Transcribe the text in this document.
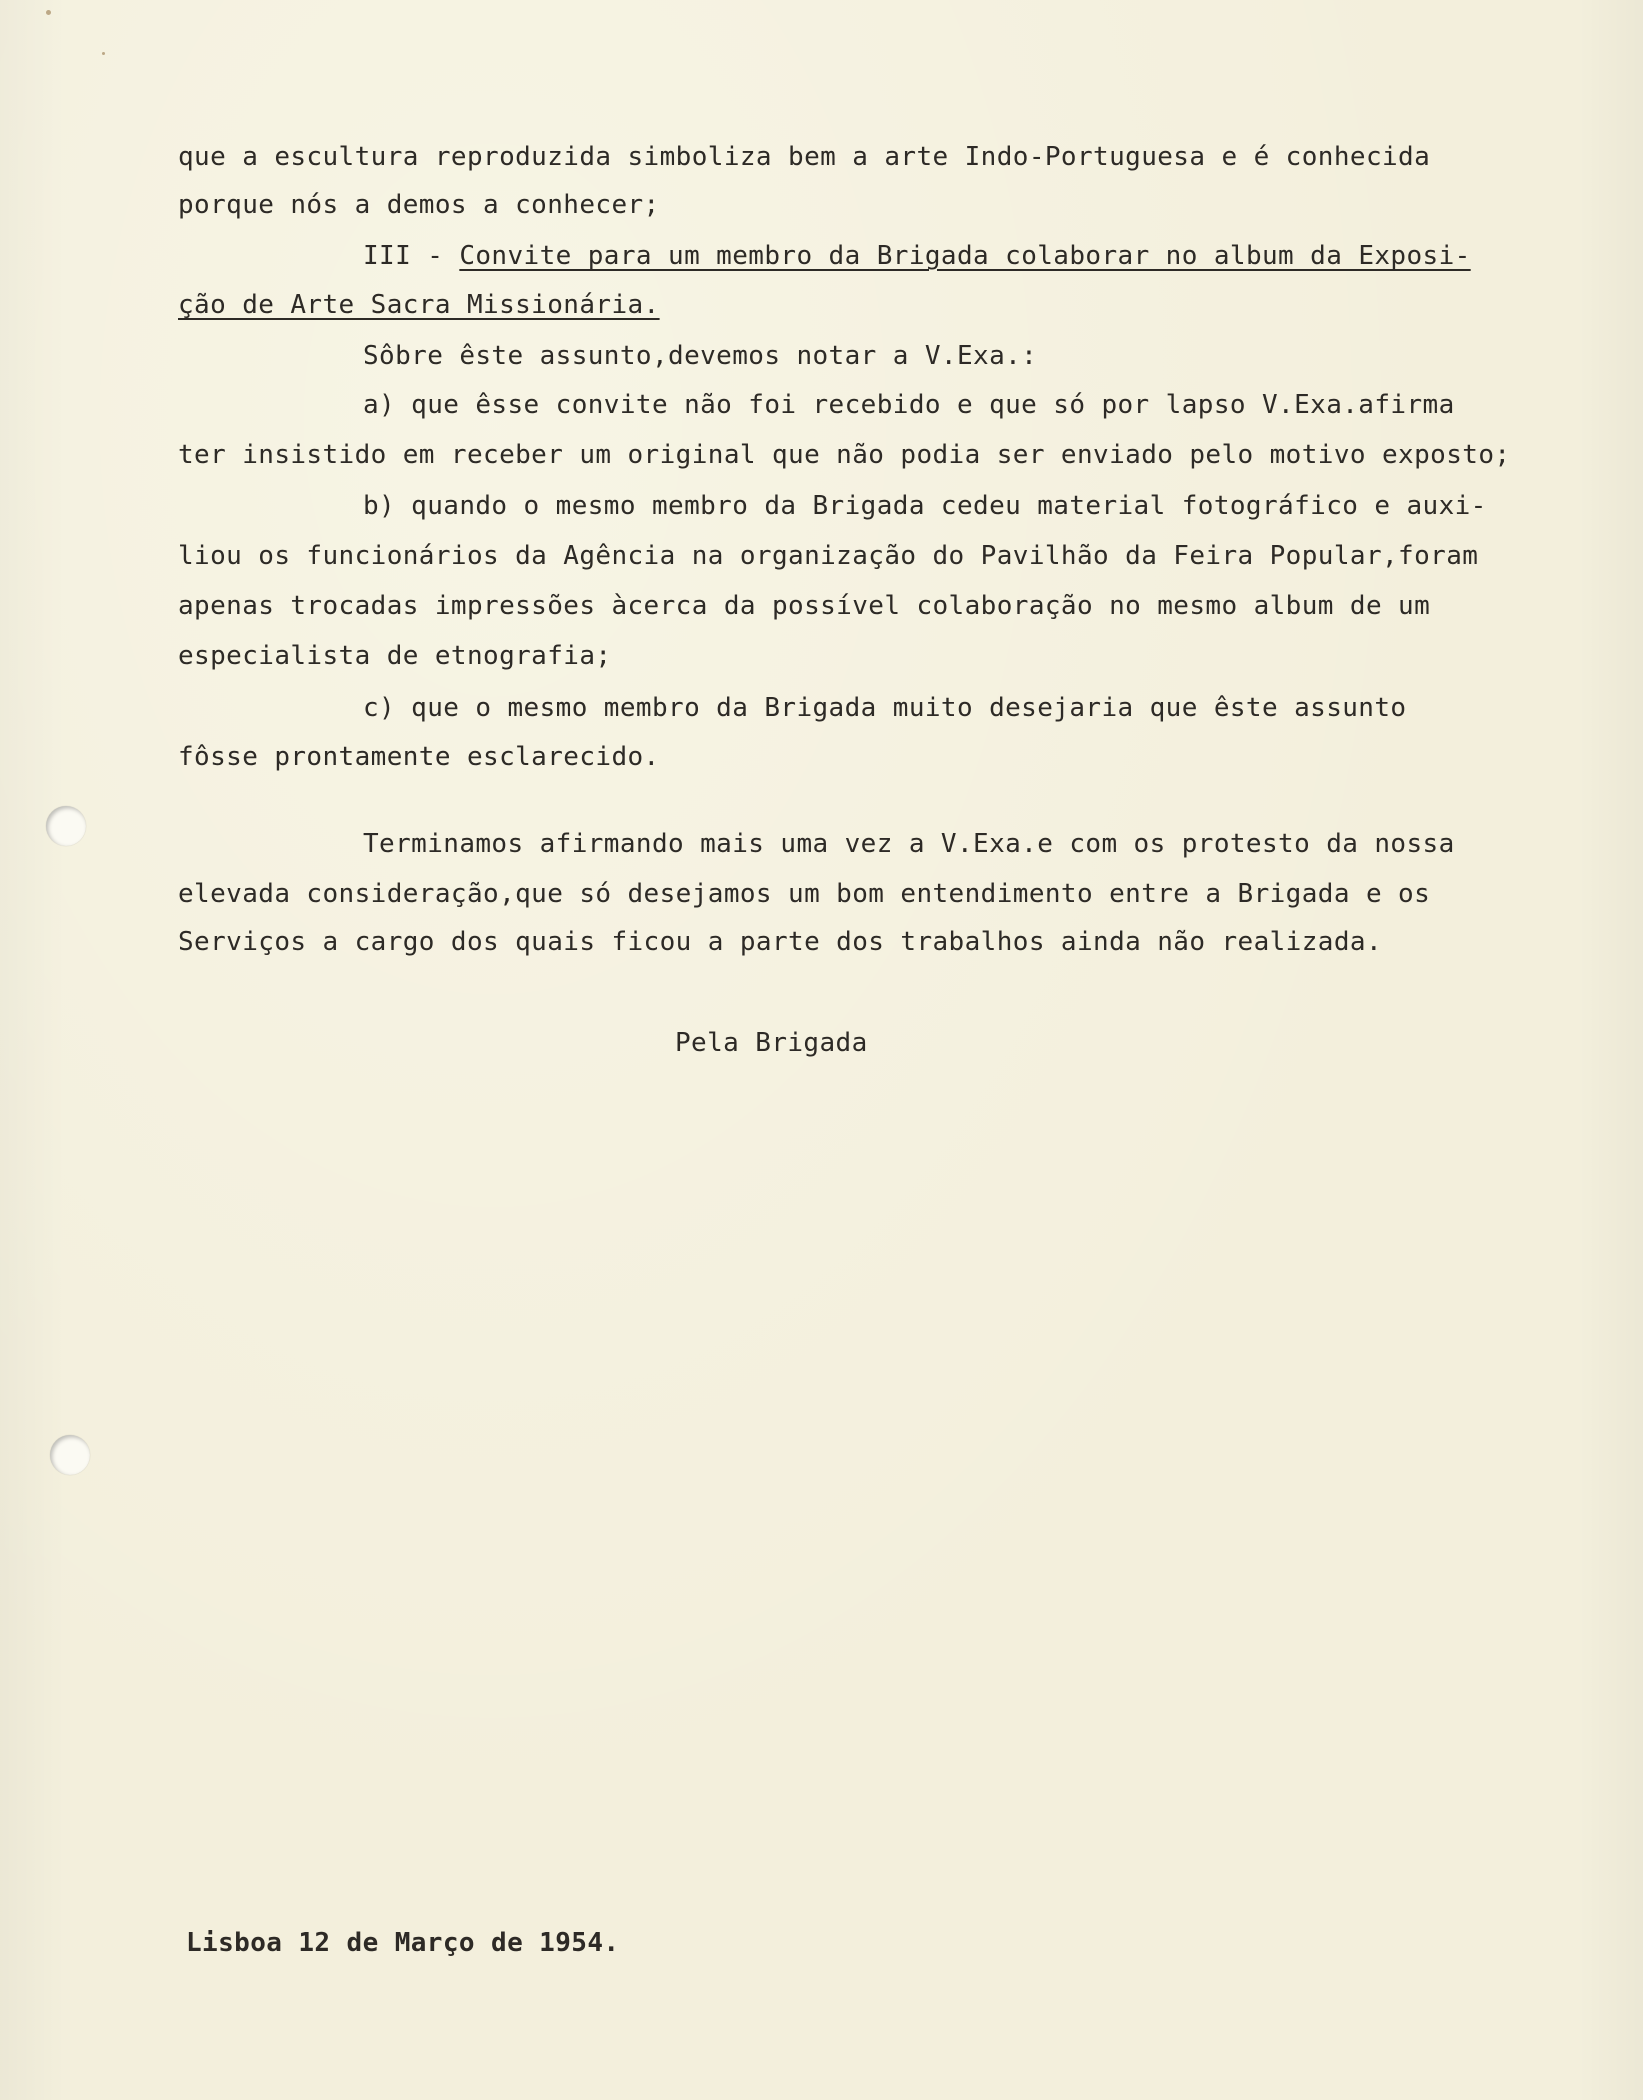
que a escultura reproduzida simboliza bem a arte Indo-Portuguesa e é conhecida
porque nós a demos a conhecer;
III - Convite para um membro da Brigada colaborar no album da Exposi-
ção de Arte Sacra Missionária.
Sôbre êste assunto,devemos notar a V.Exa.:
a) que êsse convite não foi recebido e que só por lapso V.Exa.afirma
ter insistido em receber um original que não podia ser enviado pelo motivo exposto;
b) quando o mesmo membro da Brigada cedeu material fotográfico e auxi-
liou os funcionários da Agência na organização do Pavilhão da Feira Popular,foram
apenas trocadas impressões àcerca da possível colaboração no mesmo album de um
especialista de etnografia;
c) que o mesmo membro da Brigada muito desejaria que êste assunto
fôsse prontamente esclarecido.
Terminamos afirmando mais uma vez a V.Exa.e com os protesto da nossa
elevada consideração,que só desejamos um bom entendimento entre a Brigada e os
Serviços a cargo dos quais ficou a parte dos trabalhos ainda não realizada.
Pela Brigada
Lisboa 12 de Março de 1954.
